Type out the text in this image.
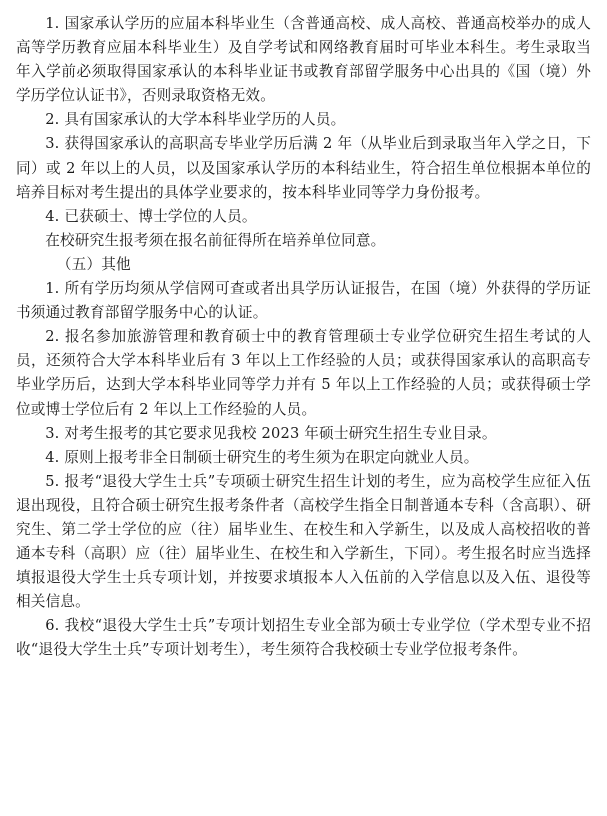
1. 国家承认学历的应届本科毕业生（含普通高校、成人高校、普通高校举办的成人高等学历教育应届本科毕业生）及自学考试和网络教育届时可毕业本科生。考生录取当年入学前必须取得国家承认的本科毕业证书或教育部留学服务中心出具的《国（境）外学历学位认证书》，否则录取资格无效。

2. 具有国家承认的大学本科毕业学历的人员。

3. 获得国家承认的高职高专毕业学历后满 2 年（从毕业后到录取当年入学之日，下同）或 2 年以上的人员，以及国家承认学历的本科结业生，符合招生单位根据本单位的培养目标对考生提出的具体学业要求的，按本科毕业同等学力身份报考。

4. 已获硕士、博士学位的人员。

在校研究生报考须在报名前征得所在培养单位同意。

（五）其他

1. 所有学历均须从学信网可查或者出具学历认证报告，在国（境）外获得的学历证书须通过教育部留学服务中心的认证。

2. 报名参加旅游管理和教育硕士中的教育管理硕士专业学位研究生招生考试的人员，还须符合大学本科毕业后有 3 年以上工作经验的人员；或获得国家承认的高职高专毕业学历后，达到大学本科毕业同等学力并有 5 年以上工作经验的人员；或获得硕士学位或博士学位后有 2 年以上工作经验的人员。

3. 对考生报考的其它要求见我校 2023 年硕士研究生招生专业目录。

4. 原则上报考非全日制硕士研究生的考生须为在职定向就业人员。

5. 报考“退役大学生士兵”专项硕士研究生招生计划的考生，应为高校学生应征入伍退出现役，且符合硕士研究生报考条件者（高校学生指全日制普通本专科（含高职）、研究生、第二学士学位的应（往）届毕业生、在校生和入学新生，以及成人高校招收的普通本专科（高职）应（往）届毕业生、在校生和入学新生，下同）。考生报名时应当选择填报退役大学生士兵专项计划，并按要求填报本人入伍前的入学信息以及入伍、退役等相关信息。

6. 我校“退役大学生士兵”专项计划招生专业全部为硕士专业学位（学术型专业不招收“退役大学生士兵”专项计划考生），考生须符合我校硕士专业学位报考条件。
